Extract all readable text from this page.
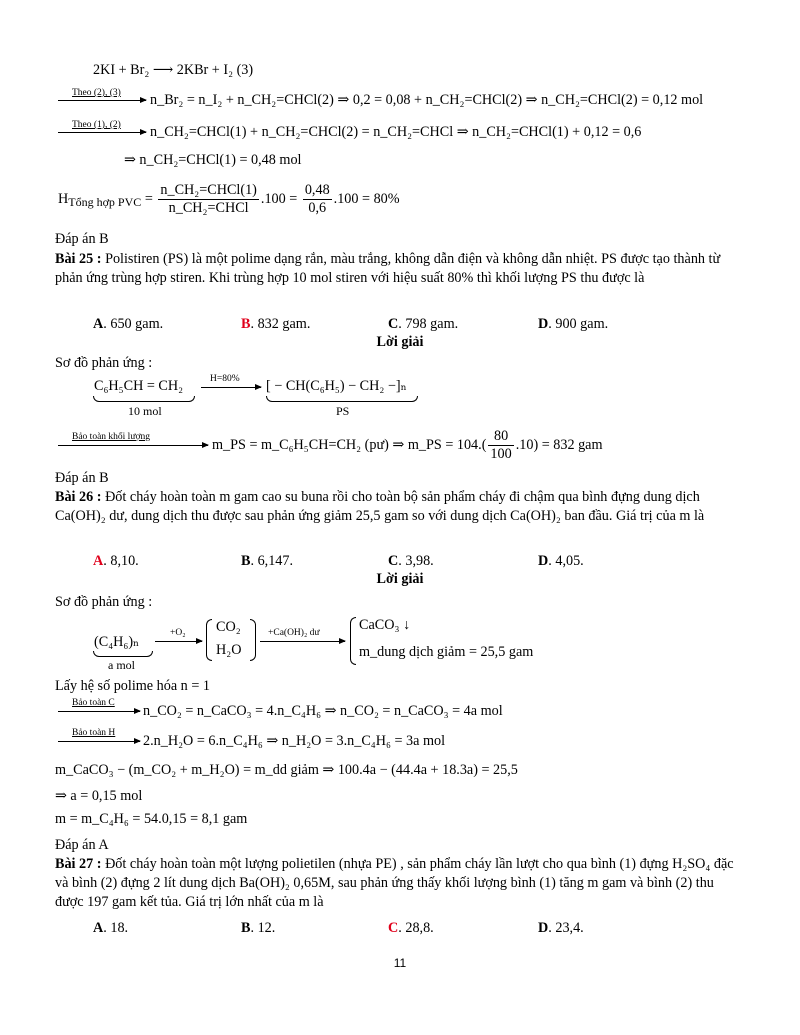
2KI + Br₂ ⟶ 2KBr + I₂ (3)
Theo (2), (3) n_Br₂ = n_I₂ + n_CH₂=CHCl(2) ⇒ 0,2 = 0,08 + n_CH₂=CHCl(2) ⇒ n_CH₂=CHCl(2) = 0,12 mol
Theo (1), (2) n_CH₂=CHCl(1) + n_CH₂=CHCl(2) = n_CH₂=CHCl ⇒ n_CH₂=CHCl(1) + 0,12 = 0,6
⇒ n_CH₂=CHCl(1) = 0,48 mol
$H_{Tổng hợp PVC} = \frac{\text{n\_CH₂=CHCl(1)}}{\text{n\_CH₂=CHCl}} .100 = \frac{0,48}{0,6} .100 = 80\%$
Đáp án B
Bài 25 : Polistiren (PS) là một polime dạng rắn, màu trắng, không dẫn điện và không dẫn nhiệt. PS được tạo thành từ phản ứng trùng hợp stiren. Khi trùng hợp 10 mol stiren với hiệu suất 80% thì khối lượng PS thu được là
A. 650 gam.	B. 832 gam.	C. 798 gam.	D. 900 gam.
Lời giải
Sơ đồ phản ứng :
C₆H₅CH = CH₂
10 mol
H=80% [ − CH(C₆H₅) − CH₂ −]ₙ
PS
Bảo toàn khối lượng	m_PS = m_C₆H₅CH=CH₂ (pư) ⇒ m_PS = $104.( \frac{80}{100} .10) = 832$ gam
Đáp án B
Bài 26 : Đốt cháy hoàn toàn m gam cao su buna rồi cho toàn bộ sản phẩm cháy đi chậm qua bình đựng dung dịch Ca(OH)₂ dư, dung dịch thu được sau phản ứng giảm 25,5 gam so với dung dịch Ca(OH)₂ ban đầu. Giá trị của m là
A. 8,10.	B. 6,147.	C. 3,98.	D. 4,05.
Lời giải
Sơ đồ phản ứng :
(C₄H₆)ₙ
a mol
+O₂ CO₂
H₂O
+Ca(OH)₂ dư	CaCO₃ ↓
m_dung dịch giảm = 25,5 gam
Lấy hệ số polime hóa n = 1
Bảo toàn C n_CO₂ = n_CaCO₃ = 4.n_C₄H₆ ⇒ n_CO₂ = n_CaCO₃ = 4a mol
Bảo toàn H 2.n_H₂O = 6.n_C₄H₆ ⇒ n_H₂O = 3.n_C₄H₆ = 3a mol
m_CaCO₃ − (m_CO₂ + m_H₂O) = m_dd giảm ⇒ 100.4a − (44.4a + 18.3a) = 25,5
⇒ a = 0,15 mol
m = m_C₄H₆ = 54.0,15 = 8,1 gam
Đáp án A
Bài 27 : Đốt cháy hoàn toàn một lượng polietilen (nhựa PE) , sản phẩm cháy lần lượt cho qua bình (1) đựng H₂SO₄ đặc và bình (2) đựng 2 lít dung dịch Ba(OH)₂ 0,65M, sau phản ứng thấy khối lượng bình (1) tăng m gam và bình (2) thu được 197 gam kết tủa. Giá trị lớn nhất của m là
A. 18.	B. 12.	C. 28,8.	D. 23,4.
11
